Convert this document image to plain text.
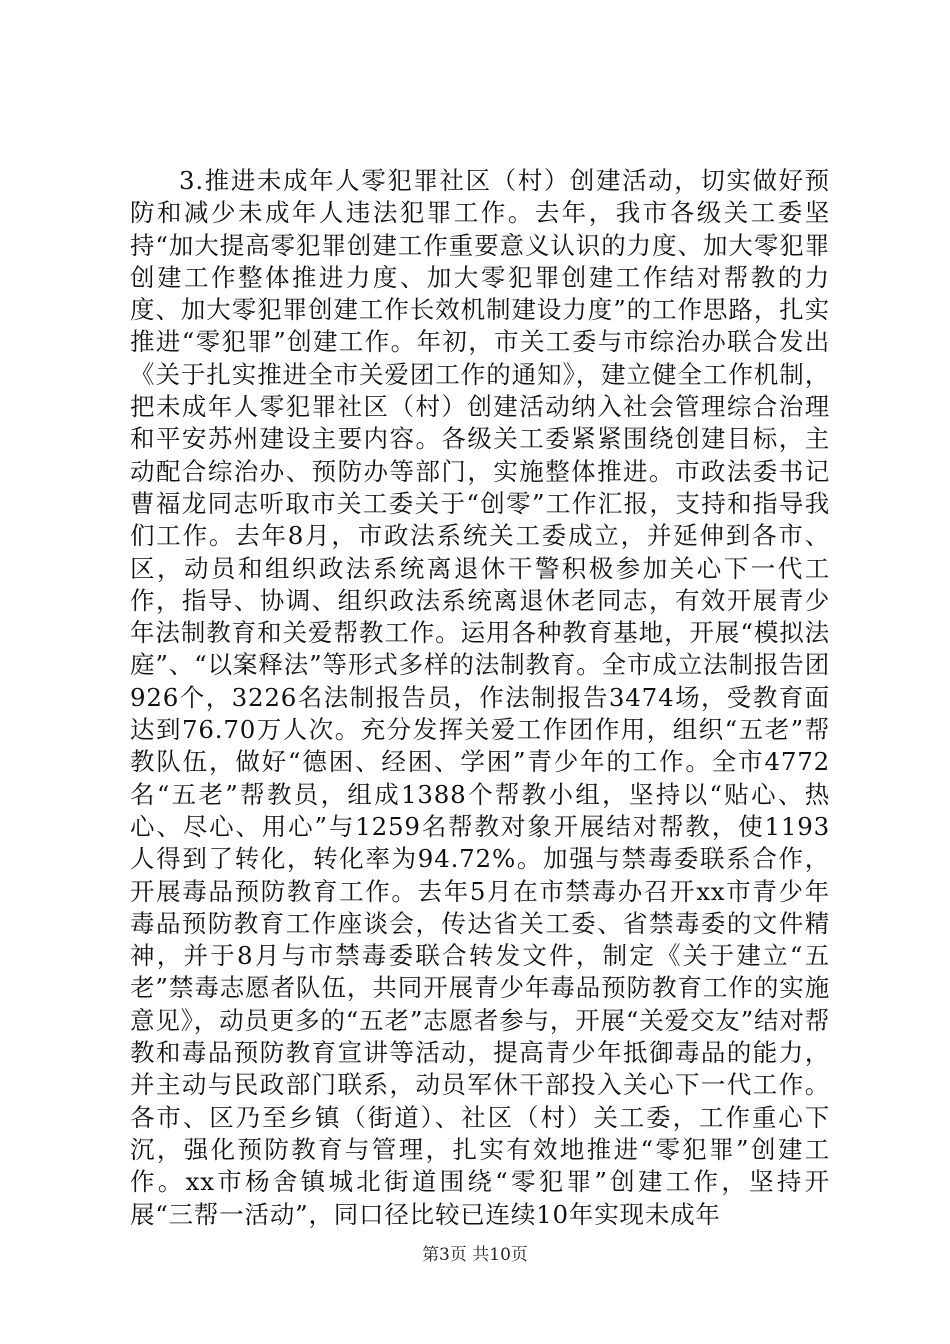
3.推进未成年人零犯罪社区（村）创建活动，切实做好预防和减少未成年人违法犯罪工作。去年，我市各级关工委坚持“加大提高零犯罪创建工作重要意义认识的力度、加大零犯罪创建工作整体推进力度、加大零犯罪创建工作结对帮教的力度、加大零犯罪创建工作长效机制建设力度”的工作思路，扎实推进“零犯罪”创建工作。年初，市关工委与市综治办联合发出《关于扎实推进全市关爱团工作的通知》，建立健全工作机制，把未成年人零犯罪社区（村）创建活动纳入社会管理综合治理和平安苏州建设主要内容。各级关工委紧紧围绕创建目标，主动配合综治办、预防办等部门，实施整体推进。市政法委书记曹福龙同志听取市关工委关于“创零”工作汇报，支持和指导我们工作。去年8月，市政法系统关工委成立，并延伸到各市、区，动员和组织政法系统离退休干警积极参加关心下一代工作，指导、协调、组织政法系统离退休老同志，有效开展青少年法制教育和关爱帮教工作。运用各种教育基地，开展“模拟法庭”、“以案释法”等形式多样的法制教育。全市成立法制报告团926个，3226名法制报告员，作法制报告3474场，受教育面达到76.70万人次。充分发挥关爱工作团作用，组织“五老”帮教队伍，做好“德困、经困、学困”青少年的工作。全市4772名“五老”帮教员，组成1388个帮教小组，坚持以“贴心、热心、尽心、用心”与1259名帮教对象开展结对帮教，使1193人得到了转化，转化率为94.72%。加强与禁毒委联系合作，开展毒品预防教育工作。去年5月在市禁毒办召开xx市青少年毒品预防教育工作座谈会，传达省关工委、省禁毒委的文件精神，并于8月与市禁毒委联合转发文件，制定《关于建立“五老”禁毒志愿者队伍，共同开展青少年毒品预防教育工作的实施意见》，动员更多的“五老”志愿者参与，开展“关爱交友”结对帮教和毒品预防教育宣讲等活动，提高青少年抵御毒品的能力，并主动与民政部门联系，动员军休干部投入关心下一代工作。各市、区乃至乡镇（街道）、社区（村）关工委，工作重心下沉，强化预防教育与管理，扎实有效地推进“零犯罪”创建工作。xx市杨舍镇城北街道围绕“零犯罪”创建工作，坚持开展“三帮一活动”，同口径比较已连续10年实现未成年

第3页 共10页
